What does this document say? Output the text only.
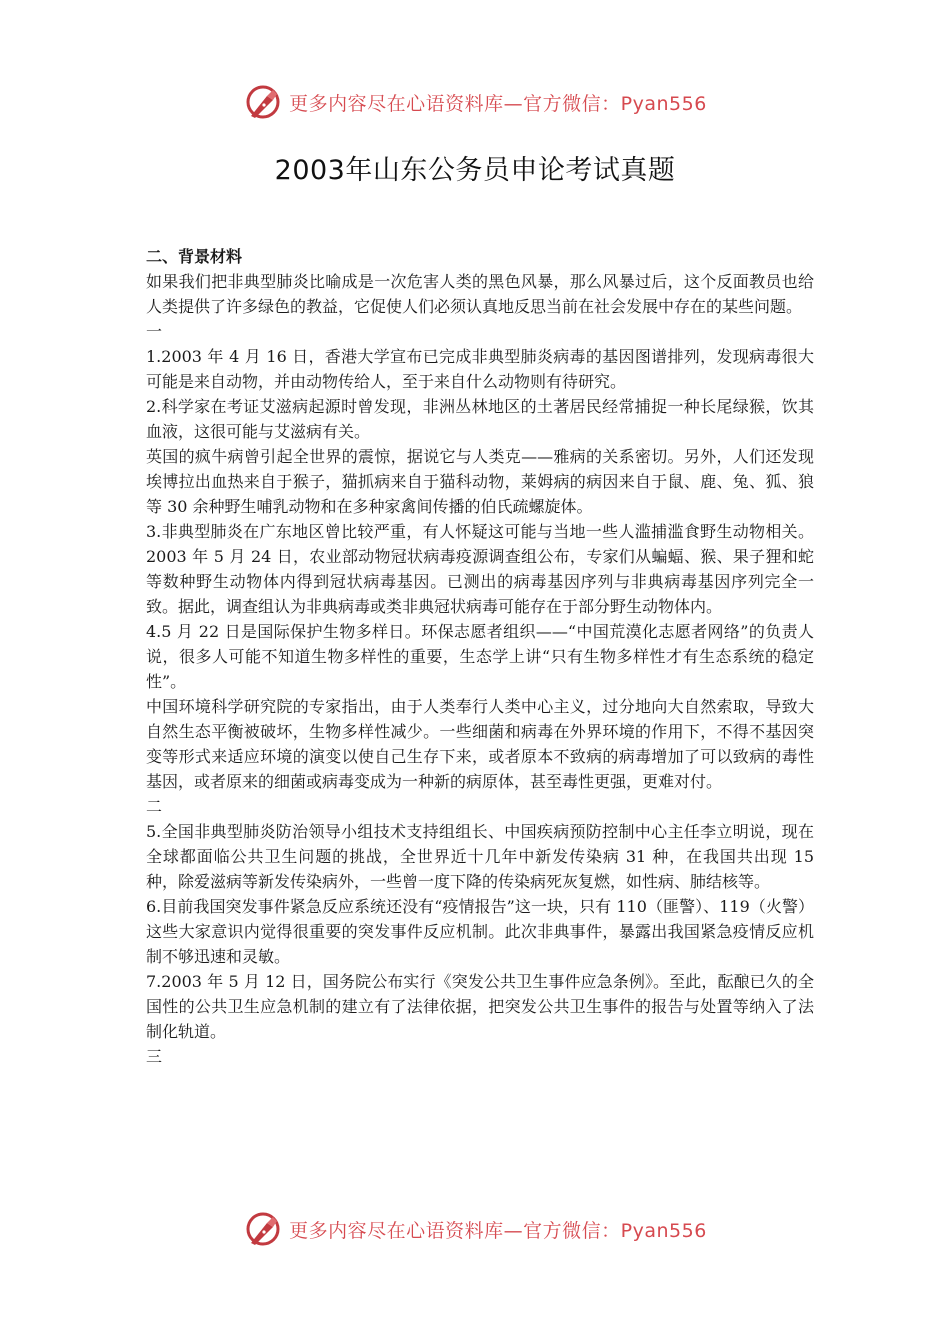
更多内容尽在心语资料库—官方微信：Pyan556
2003年山东公务员申论考试真题
二、背景材料

如果我们把非典型肺炎比喻成是一次危害人类的黑色风暴，那么风暴过后，这个反面教员也给人类提供了许多绿色的教益，它促使人们必须认真地反思当前在社会发展中存在的某些问题。

一

1.2003 年 4 月 16 日，香港大学宣布已完成非典型肺炎病毒的基因图谱排列，发现病毒很大可能是来自动物，并由动物传给人，至于来自什么动物则有待研究。

2.科学家在考证艾滋病起源时曾发现，非洲丛林地区的土著居民经常捕捉一种长尾绿猴，饮其血液，这很可能与艾滋病有关。

英国的疯牛病曾引起全世界的震惊，据说它与人类克——雅病的关系密切。另外，人们还发现埃博拉出血热来自于猴子，猫抓病来自于猫科动物，莱姆病的病因来自于鼠、鹿、兔、狐、狼等 30 余种野生哺乳动物和在多种家禽间传播的伯氏疏螺旋体。

3.非典型肺炎在广东地区曾比较严重，有人怀疑这可能与当地一些人滥捕滥食野生动物相关。2003 年 5 月 24 日，农业部动物冠状病毒疫源调查组公布，专家们从蝙蝠、猴、果子狸和蛇等数种野生动物体内得到冠状病毒基因。已测出的病毒基因序列与非典病毒基因序列完全一致。据此，调查组认为非典病毒或类非典冠状病毒可能存在于部分野生动物体内。

4.5 月 22 日是国际保护生物多样日。环保志愿者组织——“中国荒漠化志愿者网络”的负责人说，很多人可能不知道生物多样性的重要，生态学上讲“只有生物多样性才有生态系统的稳定性”。

中国环境科学研究院的专家指出，由于人类奉行人类中心主义，过分地向大自然索取，导致大自然生态平衡被破坏，生物多样性减少。一些细菌和病毒在外界环境的作用下，不得不基因突变等形式来适应环境的演变以使自己生存下来，或者原本不致病的病毒增加了可以致病的毒性基因，或者原来的细菌或病毒变成为一种新的病原体，甚至毒性更强，更难对付。

二

5.全国非典型肺炎防治领导小组技术支持组组长、中国疾病预防控制中心主任李立明说，现在全球都面临公共卫生问题的挑战，全世界近十几年中新发传染病 31 种，在我国共出现 15 种，除爱滋病等新发传染病外，一些曾一度下降的传染病死灰复燃，如性病、肺结核等。

6.目前我国突发事件紧急反应系统还没有“疫情报告”这一块，只有 110（匪警）、119（火警）这些大家意识内觉得很重要的突发事件反应机制。此次非典事件，暴露出我国紧急疫情反应机制不够迅速和灵敏。

7.2003 年 5 月 12 日，国务院公布实行《突发公共卫生事件应急条例》。至此，酝酿已久的全国性的公共卫生应急机制的建立有了法律依据，把突发公共卫生事件的报告与处置等纳入了法制化轨道。

三

更多内容尽在心语资料库—官方微信：Pyan556
